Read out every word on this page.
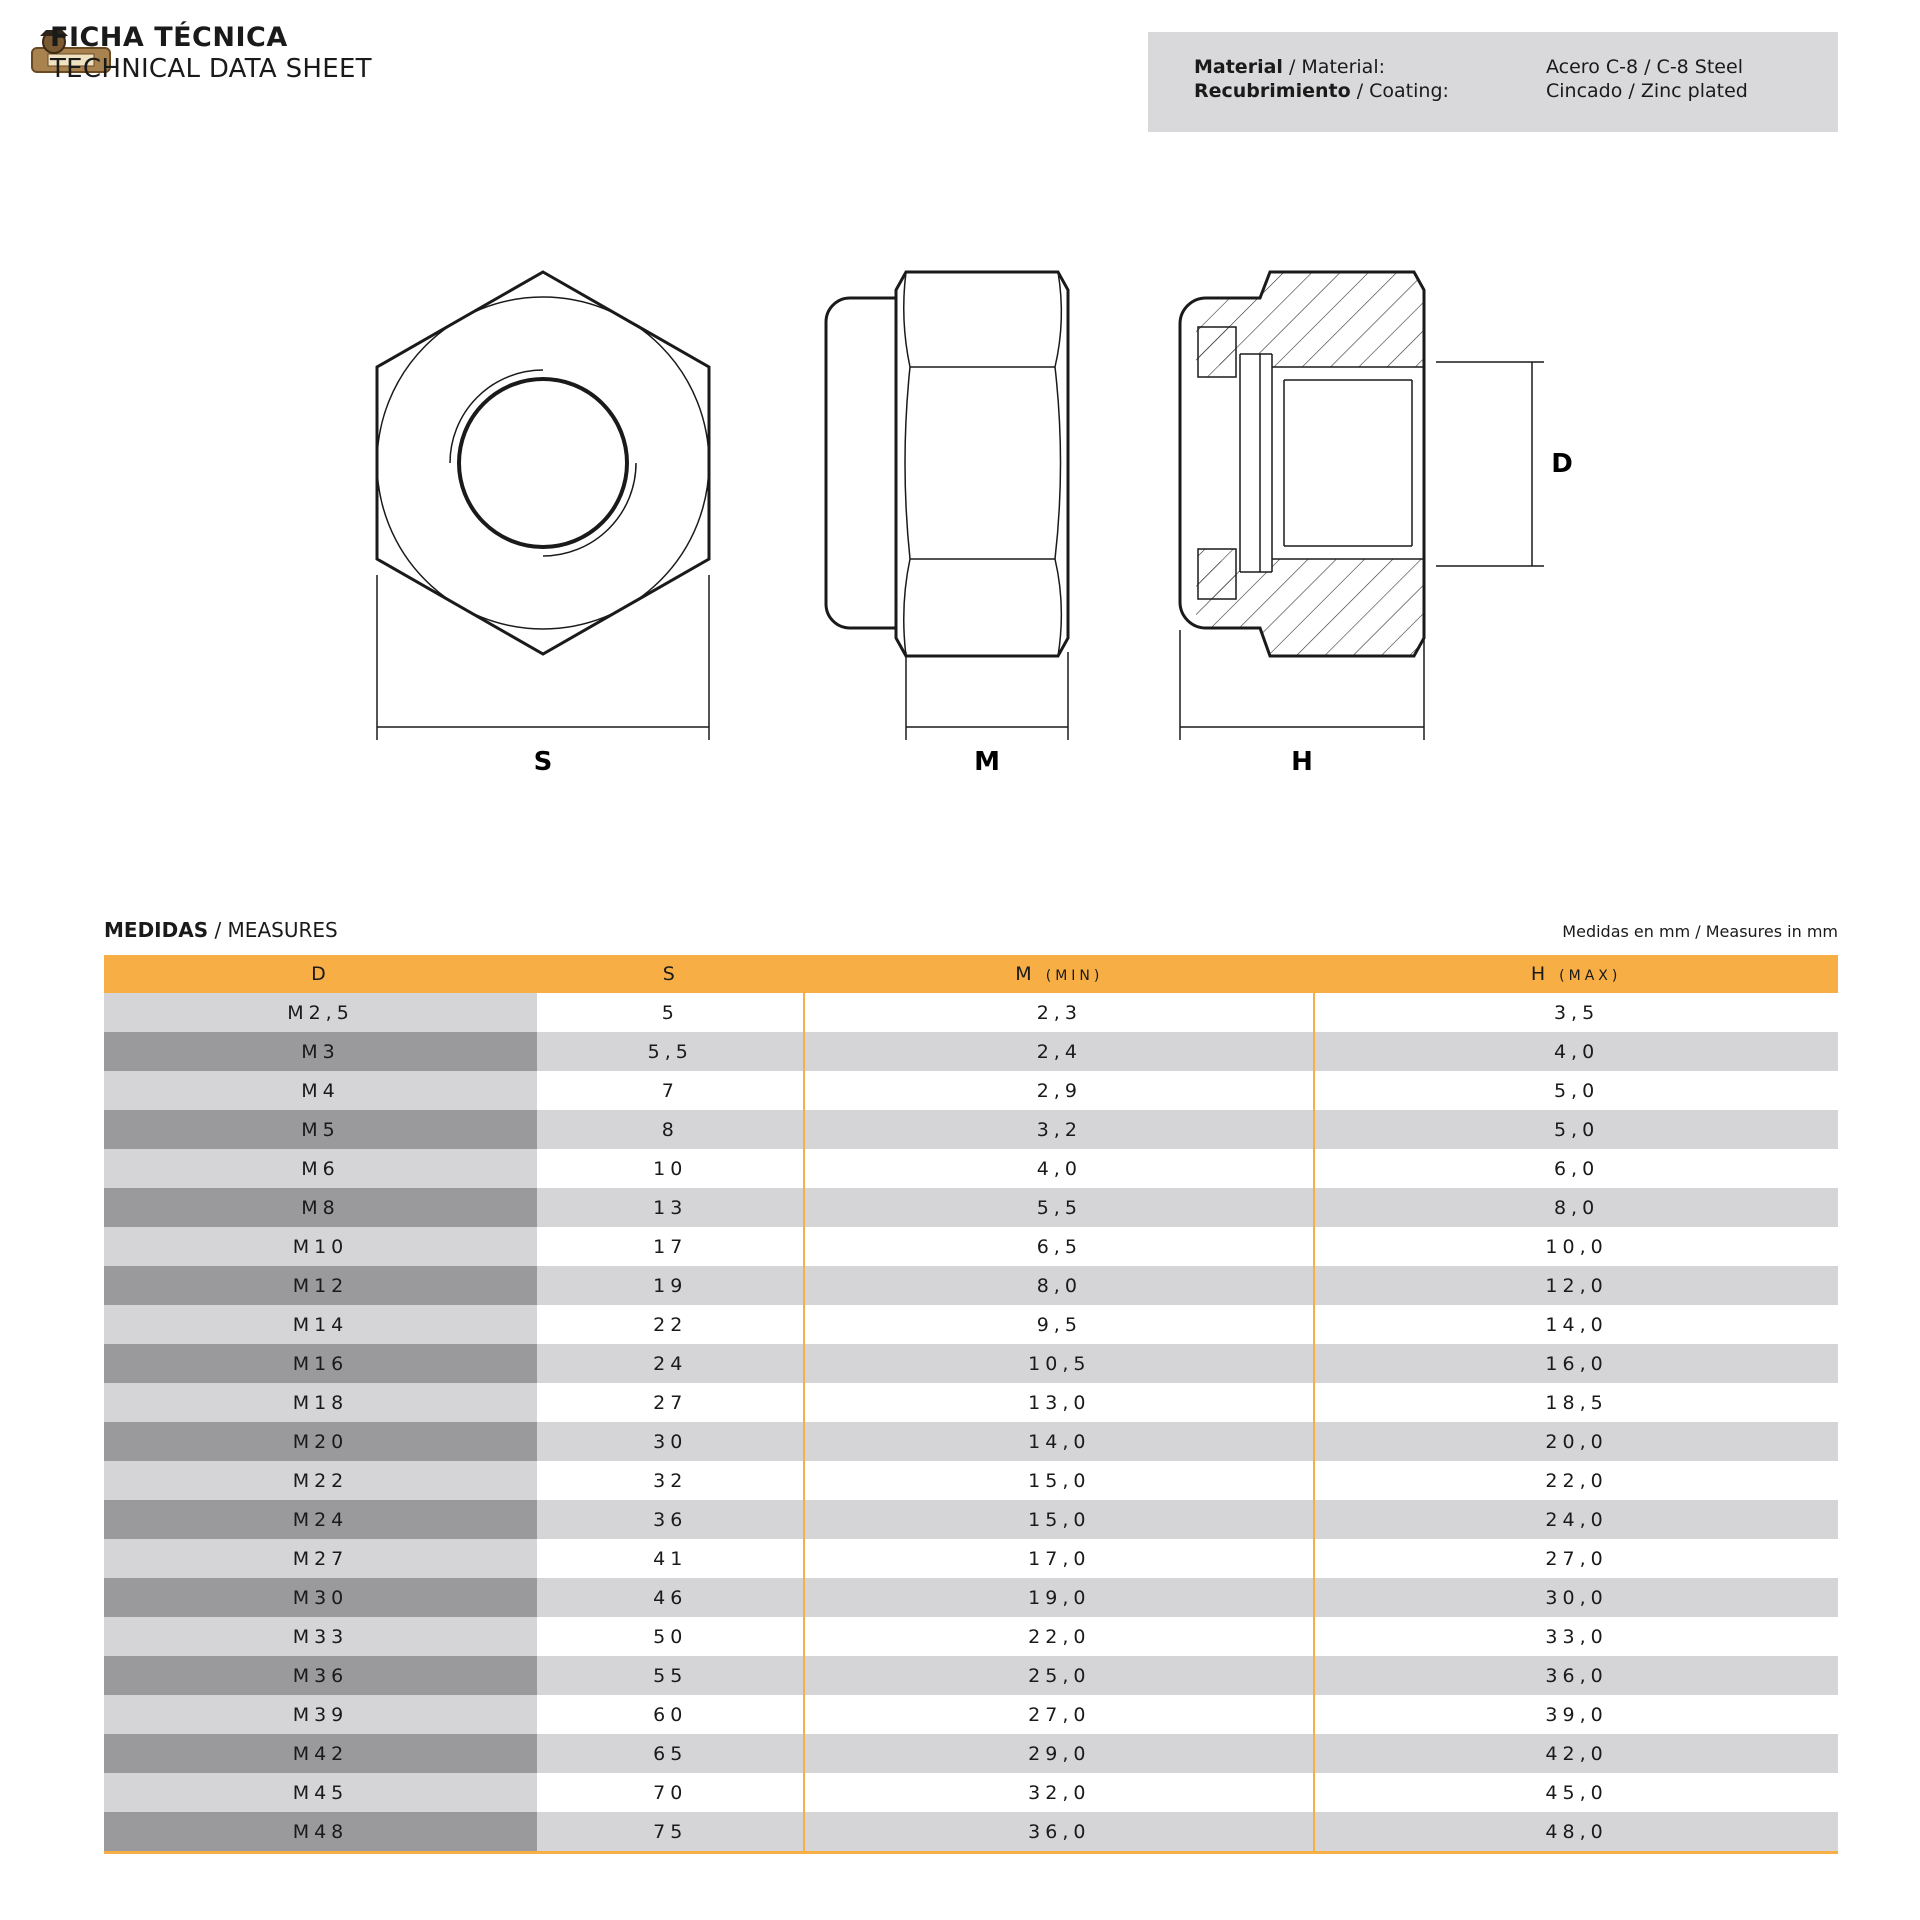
FICHA TÉCNICA
TECHNICAL DATA SHEET	Material / Material:	Acero C-8 / C-8 Steel
Recubrimiento / Coating:	Cincado / Zinc plated
S	M	H
D
MEDIDAS / MEASURES	Medidas en mm / Measures in mm
D	S	M (MIN)	H (MAX)
M2,5	5	2,3	3,5
M3	5,5	2,4	4,0
M4	7	2,9	5,0
M5	8	3,2	5,0
M6	10	4,0	6,0
M8	13	5,5	8,0
M10	17	6,5	10,0
M12	19	8,0	12,0
M14	22	9,5	14,0
M16	24	10,5	16,0
M18	27	13,0	18,5
M20	30	14,0	20,0
M22	32	15,0	22,0
M24	36	15,0	24,0
M27	41	17,0	27,0
M30	46	19,0	30,0
M33	50	22,0	33,0
M36	55	25,0	36,0
M39	60	27,0	39,0
M42	65	29,0	42,0
M45	70	32,0	45,0
M48	75	36,0	48,0
